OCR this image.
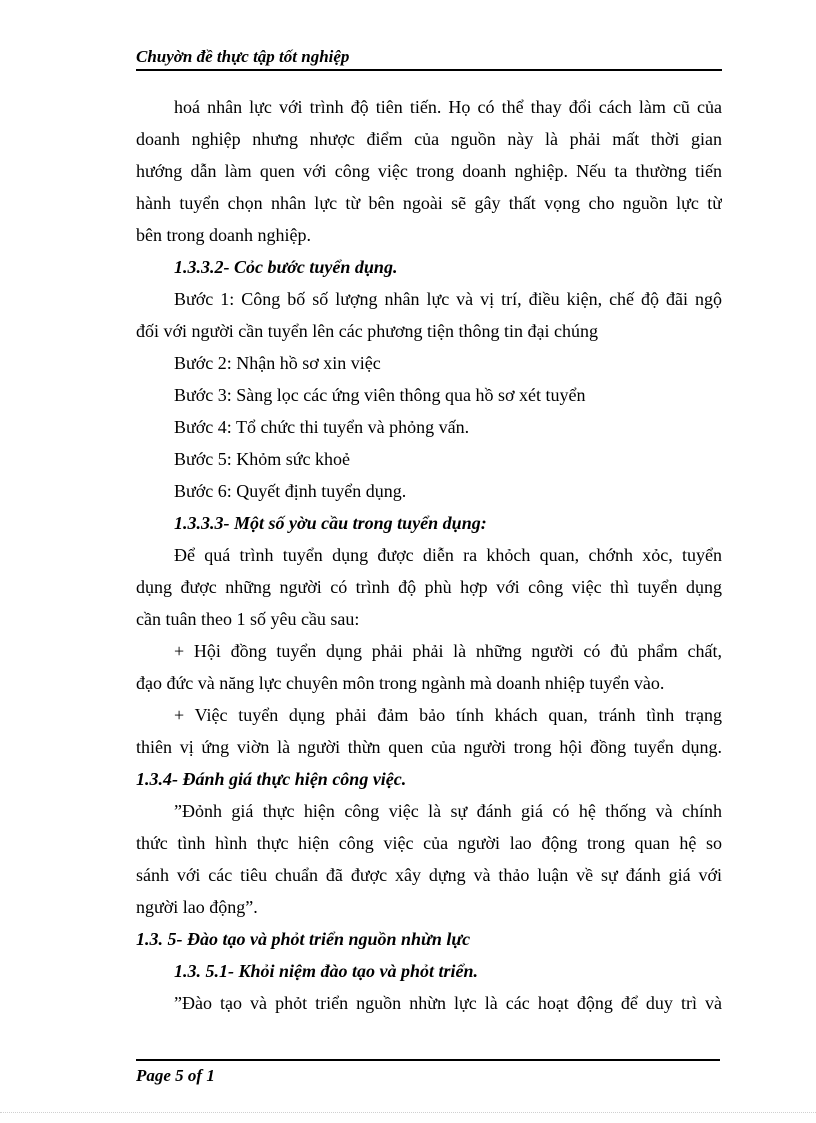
Chuyờn đề thực tập tốt nghiệp
hoá nhân lực với trình độ tiên tiến. Họ có thể thay đổi cách làm cũ của
doanh nghiệp nhưng nhược điểm của nguồn này là phải mất thời gian
hướng dẫn làm quen với công việc trong doanh nghiệp. Nếu ta thường tiến
hành tuyển chọn nhân lực từ bên ngoài sẽ gây thất vọng cho nguồn lực từ
bên trong doanh nghiệp.
1.3.3.2- Cỏc bước tuyển dụng.
Bước 1: Công bố số lượng nhân lực và vị trí, điều kiện, chế độ đãi ngộ
đối với người cần tuyển lên các phương tiện thông tin đại chúng
Bước 2: Nhận hồ sơ xin việc
Bước 3: Sàng lọc các ứng viên thông qua hồ sơ xét tuyển
Bước 4: Tổ chức thi tuyển và phỏng vấn.
Bước 5: Khỏm sức khoẻ
Bước 6: Quyết định tuyển dụng.
1.3.3.3- Một số yờu cầu trong tuyển dụng:
Để quá trình tuyển dụng được diễn ra khỏch quan, chớnh xỏc, tuyển
dụng được những người có trình độ phù hợp với công việc thì tuyển dụng
cần tuân theo 1 số yêu cầu sau:
+ Hội đồng tuyển dụng phải phải là những người có đủ phẩm chất,
đạo đức và năng lực chuyên môn trong ngành mà doanh nhiệp tuyển vào.
+ Việc tuyển dụng phải đảm bảo tính khách quan, tránh tình trạng
thiên vị ứng viờn là người thừn quen của người trong hội đồng tuyển dụng.
1.3.4- Đánh giá thực hiện công việc.
”Đỏnh giá thực hiện công việc là sự đánh giá có hệ thống và chính
thức tình hình thực hiện công việc của người lao động trong quan hệ so
sánh với các tiêu chuẩn đã được xây dựng và thảo luận về sự đánh giá với
người lao động”.
1.3. 5- Đào tạo và phỏt triển nguồn nhừn lực
1.3. 5.1- Khỏi niệm đào tạo và phỏt triển.
”Đào tạo và phỏt triển nguồn nhừn lực là các hoạt động để duy trì và
Page 5 of 1
